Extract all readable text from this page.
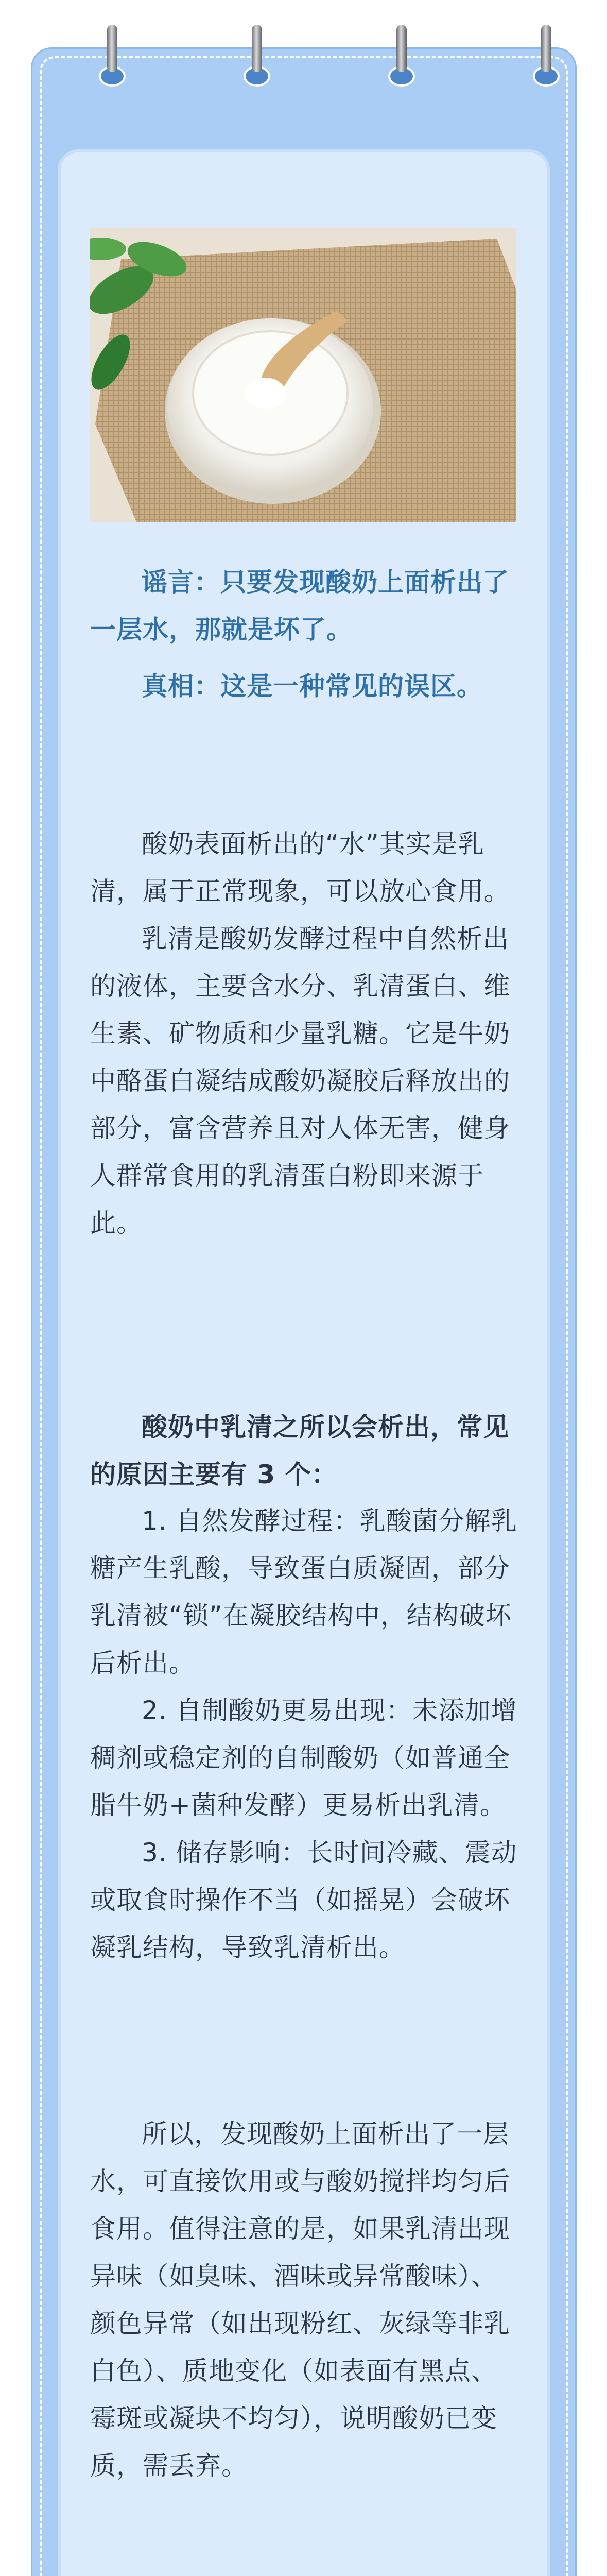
谣言：只要发现酸奶上面析出了一层水，那就是坏了。

真相：这是一种常见的误区。

酸奶表面析出的“水”其实是乳清，属于正常现象，可以放心食用。

乳清是酸奶发酵过程中自然析出的液体，主要含水分、乳清蛋白、维生素、矿物质和少量乳糖。它是牛奶中酪蛋白凝结成酸奶凝胶后释放出的部分，富含营养且对人体无害，健身人群常食用的乳清蛋白粉即来源于此。

酸奶中乳清之所以会析出，常见的原因主要有 3 个：

1. 自然发酵过程：乳酸菌分解乳糖产生乳酸，导致蛋白质凝固，部分乳清被“锁”在凝胶结构中，结构破坏后析出。

2. 自制酸奶更易出现：未添加增稠剂或稳定剂的自制酸奶（如普通全脂牛奶+菌种发酵）更易析出乳清。

3. 储存影响：长时间冷藏、震动或取食时操作不当（如摇晃）会破坏凝乳结构，导致乳清析出。

所以，发现酸奶上面析出了一层水，可直接饮用或与酸奶搅拌均匀后食用。值得注意的是，如果乳清出现异味（如臭味、酒味或异常酸味）、颜色异常（如出现粉红、灰绿等非乳白色）、质地变化（如表面有黑点、霉斑或凝块不均匀），说明酸奶已变质，需丢弃。
